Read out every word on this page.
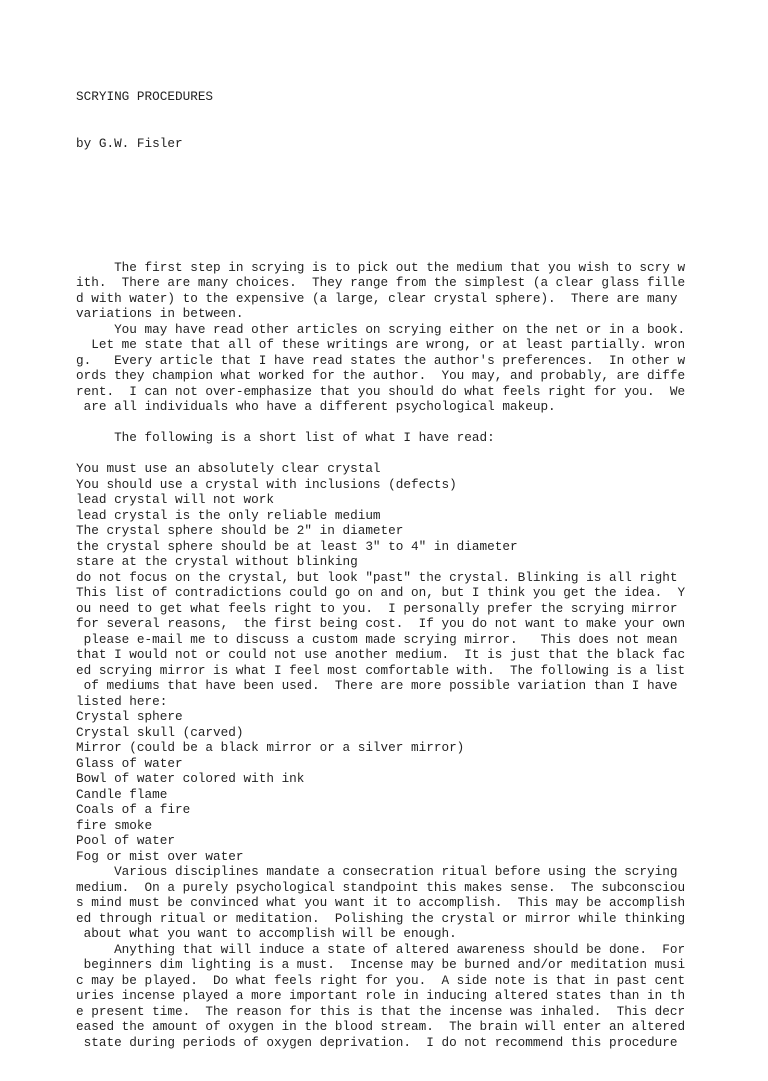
SCRYING PROCEDURES

by G.W. Fisler

The first step in scrying is to pick out the medium that you wish to scry w
ith.  There are many choices.  They range from the simplest (a clear glass fille
d with water) to the expensive (a large, clear crystal sphere).  There are many
variations in between.
You may have read other articles on scrying either on the net or in a book.
Let me state that all of these writings are wrong, or at least partially. wron
g.   Every article that I have read states the author's preferences.  In other w
ords they champion what worked for the author.  You may, and probably, are diffe
rent.  I can not over-emphasize that you should do what feels right for you.  We
are all individuals who have a different psychological makeup.
The following is a short list of what I have read:
You must use an absolutely clear crystal
You should use a crystal with inclusions (defects)
lead crystal will not work
lead crystal is the only reliable medium
The crystal sphere should be 2" in diameter
the crystal sphere should be at least 3" to 4" in diameter
stare at the crystal without blinking
do not focus on the crystal, but look "past" the crystal. Blinking is all right
This list of contradictions could go on and on, but I think you get the idea.  Y
ou need to get what feels right to you.  I personally prefer the scrying mirror
for several reasons,  the first being cost.  If you do not want to make your own
please e-mail me to discuss a custom made scrying mirror.   This does not mean
that I would not or could not use another medium.  It is just that the black fac
ed scrying mirror is what I feel most comfortable with.  The following is a list
of mediums that have been used.  There are more possible variation than I have
listed here:
Crystal sphere
Crystal skull (carved)
Mirror (could be a black mirror or a silver mirror)
Glass of water
Bowl of water colored with ink
Candle flame
Coals of a fire
fire smoke
Pool of water
Fog or mist over water
Various disciplines mandate a consecration ritual before using the scrying
medium.  On a purely psychological standpoint this makes sense.  The subconsciou
s mind must be convinced what you want it to accomplish.  This may be accomplish
ed through ritual or meditation.  Polishing the crystal or mirror while thinking
about what you want to accomplish will be enough.
Anything that will induce a state of altered awareness should be done.  For
beginners dim lighting is a must.  Incense may be burned and/or meditation musi
c may be played.  Do what feels right for you.  A side note is that in past cent
uries incense played a more important role in inducing altered states than in th
e present time.  The reason for this is that the incense was inhaled.  This decr
eased the amount of oxygen in the blood stream.  The brain will enter an altered
state during periods of oxygen deprivation.  I do not recommend this procedure
